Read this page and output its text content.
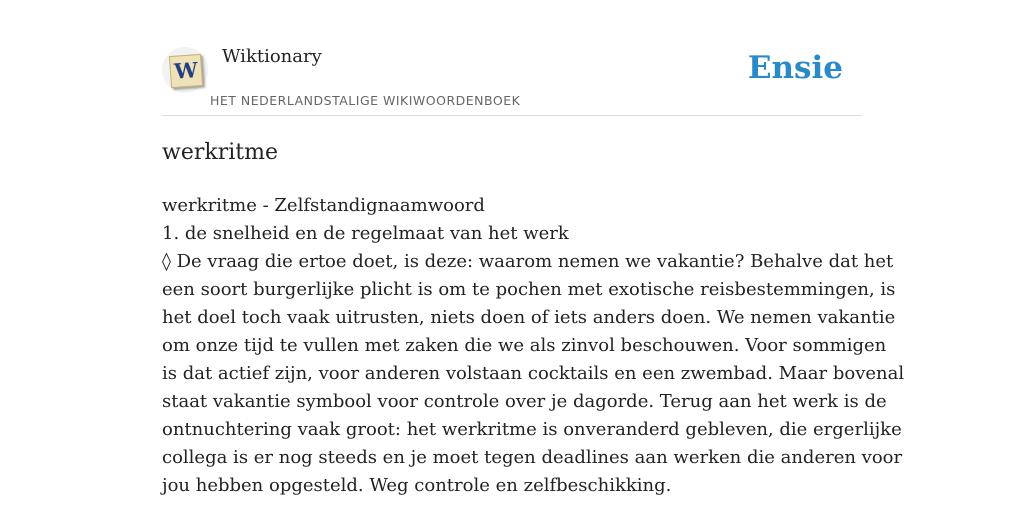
W
Wiktionary
HET NEDERLANDSTALIGE WIKIWOORDENBOEK
Ensie
werkritme
werkritme - Zelfstandignaamwoord
1. de snelheid en de regelmaat van het werk
◊ De vraag die ertoe doet, is deze: waarom nemen we vakantie? Behalve dat het
een soort burgerlijke plicht is om te pochen met exotische reisbestemmingen, is
het doel toch vaak uitrusten, niets doen of iets anders doen. We nemen vakantie
om onze tijd te vullen met zaken die we als zinvol beschouwen. Voor sommigen
is dat actief zijn, voor anderen volstaan cocktails en een zwembad. Maar bovenal
staat vakantie symbool voor controle over je dagorde. Terug aan het werk is de
ontnuchtering vaak groot: het werkritme is onveranderd gebleven, die ergerlijke
collega is er nog steeds en je moet tegen deadlines aan werken die anderen voor
jou hebben opgesteld. Weg controle en zelfbeschikking.
